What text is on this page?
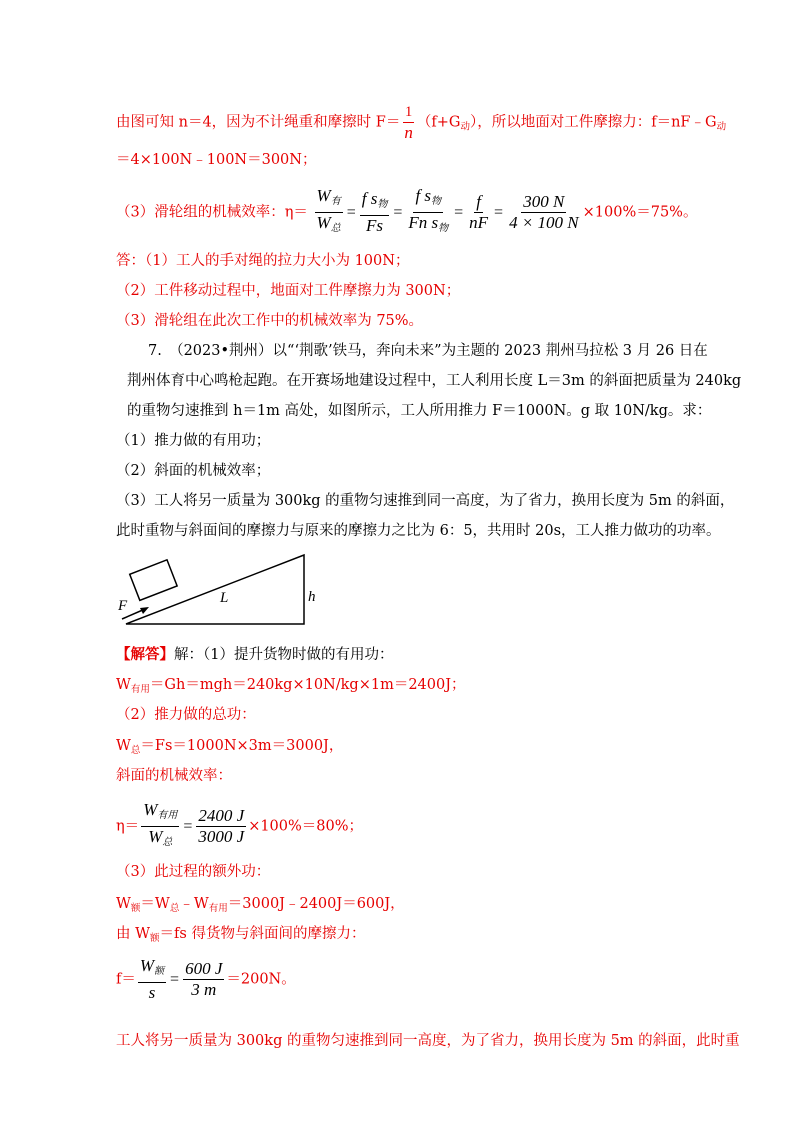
由图可知 n＝4，因为不计绳重和摩擦时 $F= \frac{1}{n} (f+G_动)$，所以地面对工件摩擦力：$f=nF﹣G_动$
＝4×100N﹣100N＝300N；
（3）滑轮组的机械效率：$\eta= \frac{W_有}{W_总} = \frac{f s_物}{Fs} = \frac{f s_物}{Fn s_物} = \frac{f}{nF} = \frac{300 N}{4 \times 100 N} \times 100\%=75\%$。
答：（1）工人的手对绳的拉力大小为 100N；
（2）工件移动过程中，地面对工件摩擦力为 300N；
（3）滑轮组在此次工作中的机械效率为 75%。
7.　（2023•荆州）以“‘荆歌’铁马，奔向未来”为主题的 2023 荆州马拉松 3 月 26 日在
荆州体育中心鸣枪起跑。在开赛场地建设过程中，工人利用长度 L＝3m 的斜面把质量为 240kg
的重物匀速推到 h＝1m 高处，如图所示，工人所用推力 F＝1000N。g 取 10N/kg。求：
（1）推力做的有用功；
（2）斜面的机械效率；
（3）工人将另一质量为 300kg 的重物匀速推到同一高度，为了省力，换用长度为 5m 的斜面，
此时重物与斜面间的摩擦力与原来的摩擦力之比为 6：5，共用时 20s，工人推力做功的功率。
F	L	h
【解答】解：（1）提升货物时做的有用功：
$W_{有用}=Gh=mgh=240kg\times 10N/kg\times 1m=2400J$；
（2）推力做的总功：
$W_总=Fs=1000N\times 3m=3000J$，
斜面的机械效率：
$\eta= \frac{W_{有用}}{W_总} = \frac{2400 J}{3000 J} \times 100\%=80\%$；
（3）此过程的额外功：
$W_额=W_总﹣W_{有用}=3000J﹣2400J=600J$，
由 $W_额=fs$ 得货物与斜面间的摩擦力：
$f= \frac{W_额}{s} = \frac{600 J}{3 m} =200N$。
工人将另一质量为 300kg 的重物匀速推到同一高度，为了省力，换用长度为 5m 的斜面，此时重
